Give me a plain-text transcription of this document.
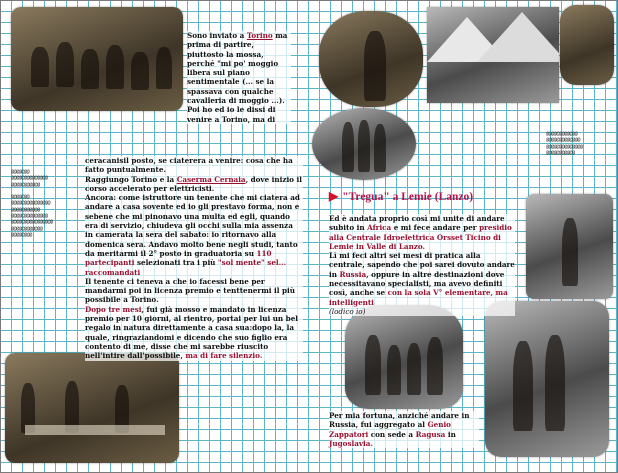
@@@@@@@
@@@@@@@@@@@@@@
@@@@@@@@@@@

@@@@@@@
@@@@@@@@@@@@@@@
@@@@@@@@@@@
@@@@@@@@@@@@@@
@@@@@@@@@@@@@@@@
@@@@@@@@@@@@
@@@@@@@@
@@@@@@@@@@@@
@@@@@@@@@@@@@
@@@@@@@@@@@@@@
@@@@@@@@@@@

Sono inviato a Torino ma prima di partire, piuttosto la mossa, perché "mi po' moggio libera sul piano sentimentale (... se la spassava con qualche cavalleria di moggio ...). Poi ho ed io le dissi di venire a Torino, ma di

ceracanisil posto, se ciaterera a venire: cosa che ha fatto puntualmente.

Raggiungo Torino e la Caserma Cernaia, dove inizio il corso accelerato per elettricisti.

Ancora: come istruttore un tenente che mi ciatera ad andare a casa sovente ed io gli prestavo forma, non e sebene che mi pinonavo una multa ed egli, quando era di servizio, chiudeva gli occhi sulla mia assenza in camerata la sera del sabato: io ritornavo alla domenica sera. Andavo molto bene negli studi, tanto da meritarmi il 2° posto in graduatoria su 110 partecipanti selezionati tra i più "sol mente" sel... raccomandati

Il tenente ci teneva a che io facessi bene per mandarmi poi in licenza premio e tenttenermi il più possibile a Torino.

Dopo tre mesi, fui già mosso e mandato in licenza premio per 10 giorni, al rientro, portai per lui un bel regalo in natura direttamente a casa sua:dopo la, la quale, ringraziandomi e dicendo che suo figlio era contento di me, disse che mi sarebbe riuscito nell'intire dall'possibile, ma di fare silenzio.

▶ "Tregua" a Lemie (Lanzo)

Ed è andata proprio così mi unite di andare subito in Africa e mi fece andare per presidio alla Centrale Idroelettrica Orsset Ticino di Lemie in Valle di Lanzo.

Lì mi feci altri sei mesi di pratica alla centrale, sapendo che poi sarei dovuto andare in Russia, oppure in altre destinazioni dove necessitavano specialisti, ma avevo definiti così, anche se con la sola V° elementare, ma intelligenti

(lodico io)

Per mia fortuna, anziché andare in Russia, fui aggregato al Genio Zappatori con sede a Ragusa in Jugoslavia.
